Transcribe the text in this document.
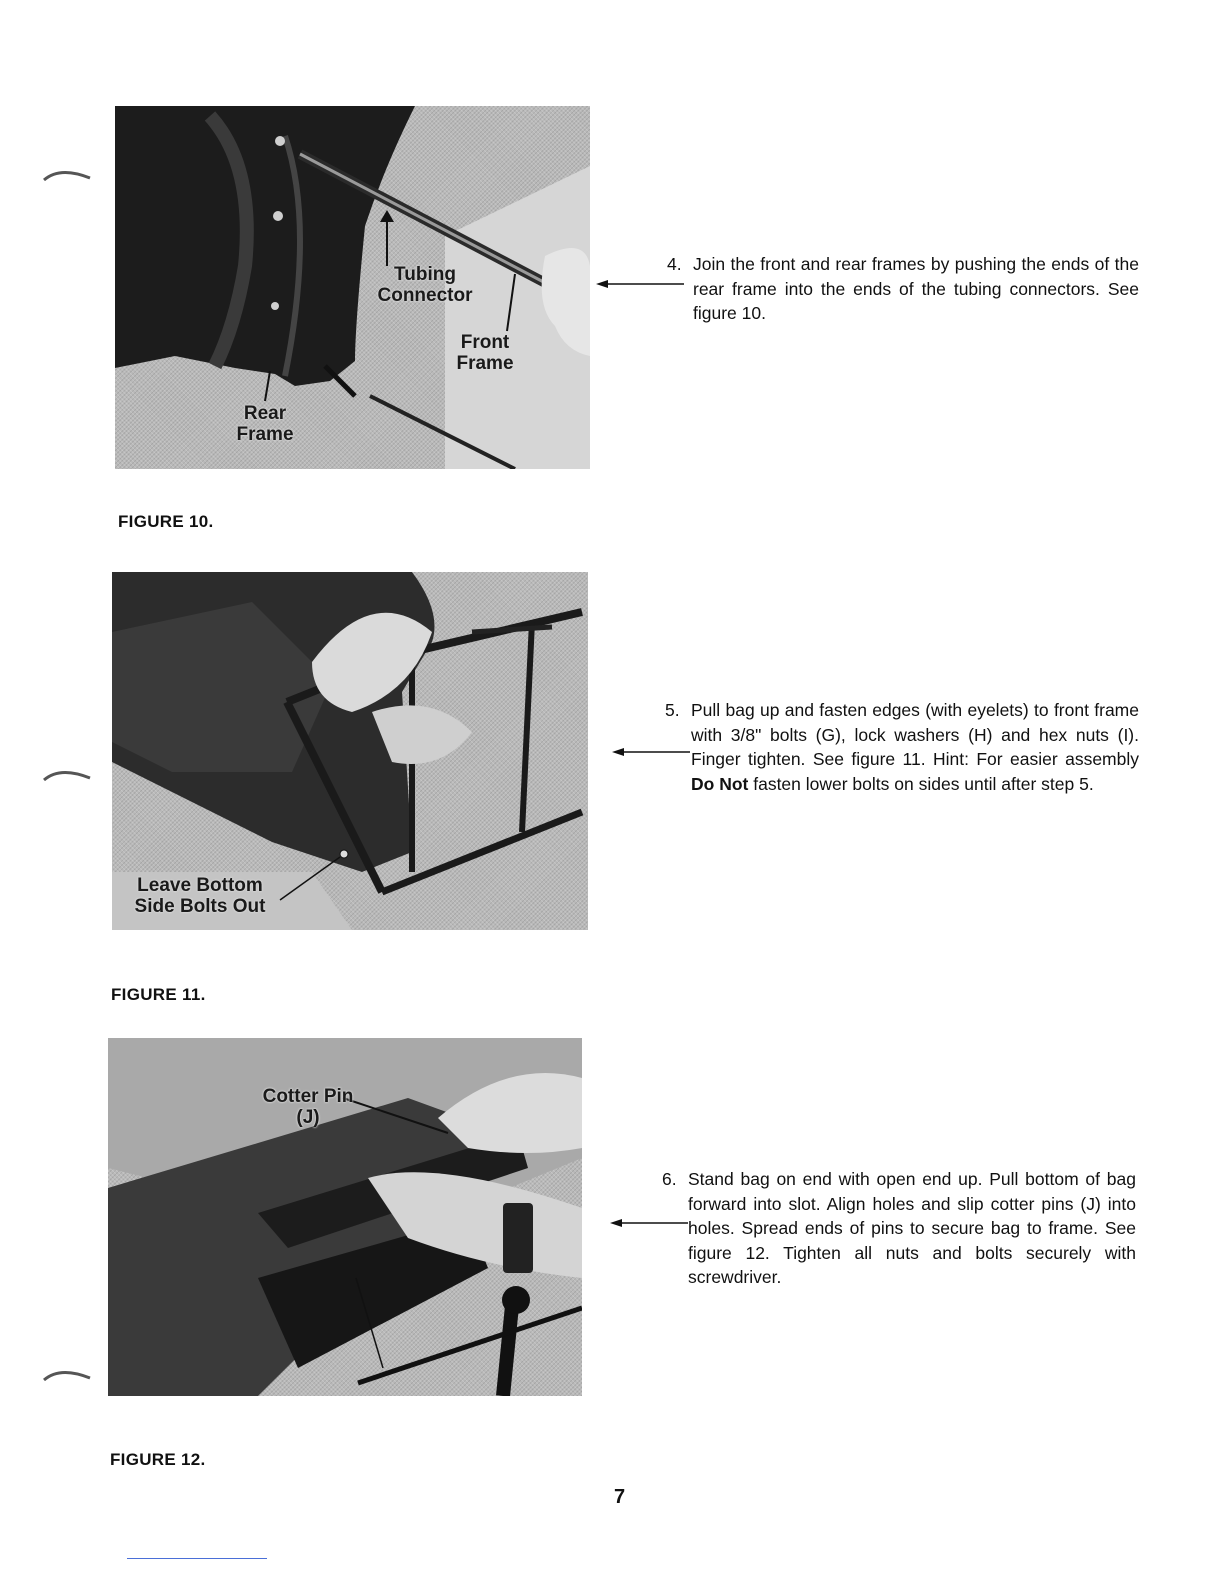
Tubing
Connector
Front
Frame
Rear
Frame
FIGURE 10.
4. Join the front and rear frames by pushing the ends of the rear frame into the ends of the tubing connectors. See figure 10.
Leave Bottom
Side Bolts Out
FIGURE 11.
5. Pull bag up and fasten edges (with eyelets) to front frame with 3/8" bolts (G), lock washers (H) and hex nuts (I). Finger tighten. See figure 11. Hint: For easier assembly Do Not fasten lower bolts on sides until after step 5.
Cotter Pin
(J)
FIGURE 12.
6. Stand bag on end with open end up. Pull bottom of bag forward into slot. Align holes and slip cotter pins (J) into holes. Spread ends of pins to secure bag to frame. See figure 12. Tighten all nuts and bolts securely with screwdriver.
7
